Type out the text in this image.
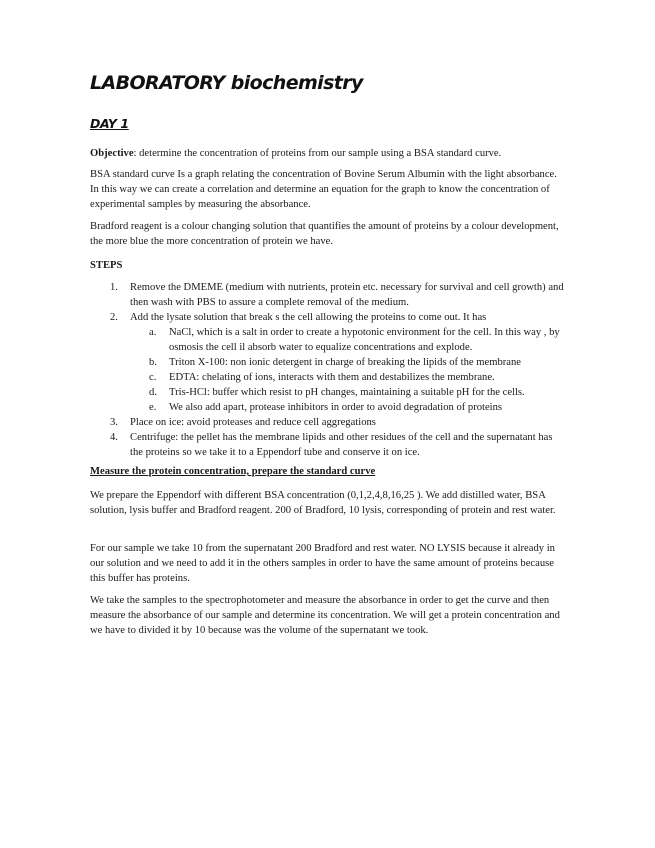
LABORATORY biochemistry
DAY 1

Objective: determine the concentration of proteins from our sample using a BSA standard curve.

BSA standard curve Is a graph relating the concentration of Bovine Serum Albumin with the light absorbance. In this way we can create a correlation and determine an equation for the graph to know the concentration of experimental samples by measuring the absorbance.

Bradford reagent is a colour changing solution that quantifies the amount of proteins by a colour development, the more blue the more concentration of protein we have.

STEPS

1. Remove the DMEME (medium with nutrients, protein etc. necessary for survival and cell growth) and then wash with PBS to assure a complete removal of the medium.
2. Add the lysate solution that break s the cell allowing the proteins to come out. It has
a. NaCl, which is a salt in order to create a hypotonic environment for the cell. In this way , by osmosis the cell il absorb water to equalize concentrations and explode.
b. Triton X-100: non ionic detergent in charge of breaking the lipids of the membrane
c. EDTA: chelating of ions, interacts with them and destabilizes the membrane.
d. Tris-HCl: buffer which resist to pH changes, maintaining a suitable pH for the cells.
e. We also add apart, protease inhibitors in order to avoid degradation of proteins
3. Place on ice: avoid proteases and reduce cell aggregations
4. Centrifuge: the pellet has the membrane lipids and other residues of the cell and the supernatant has the proteins so we take it to a Eppendorf tube and conserve it on ice.

Measure the protein concentration, prepare the standard curve

We prepare the Eppendorf with different BSA concentration (0,1,2,4,8,16,25 ). We add distilled water, BSA solution, lysis buffer and Bradford reagent. 200 of Bradford, 10 lysis, corresponding of protein and rest water.

For our sample we take 10 from the supernatant 200 Bradford and rest water. NO LYSIS because it already in our solution and we need to add it in the others samples in order to have the same amount of proteins because this buffer has proteins.

We take the samples to the spectrophotometer and measure the absorbance in order to get the curve and then measure the absorbance of our sample and determine its concentration. We will get a protein concentration and we have to divided it by 10 because was the volume of the supernatant we took.
